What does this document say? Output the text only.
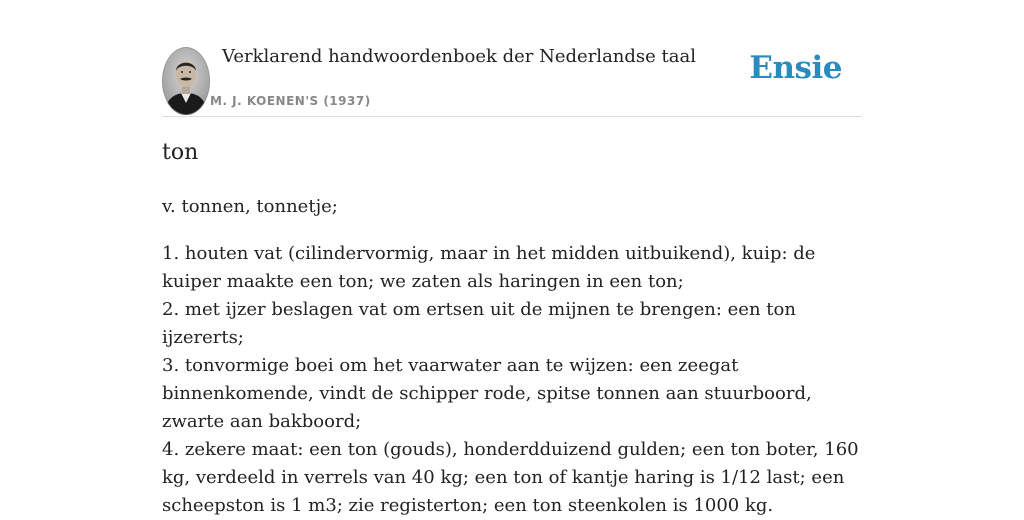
Verklarend handwoordenboek der Nederlandse taal
M. J. KOENEN'S (1937)
Ensie
ton

v. tonnen, tonnetje;

1. houten vat (cilindervormig, maar in het midden uitbuikend), kuip: de kuiper maakte een ton; we zaten als haringen in een ton;

2. met ijzer beslagen vat om ertsen uit de mijnen te brengen: een ton ijzererts;

3. tonvormige boei om het vaarwater aan te wijzen: een zeegat binnenkomende, vindt de schipper rode, spitse tonnen aan stuurboord, zwarte aan bakboord;

4. zekere maat: een ton (gouds), honderdduizend gulden; een ton boter, 160 kg, verdeeld in verrels van 40 kg; een ton of kantje haring is 1/12 last; een scheepston is 1 m3; zie registerton; een ton steenkolen is 1000 kg.
